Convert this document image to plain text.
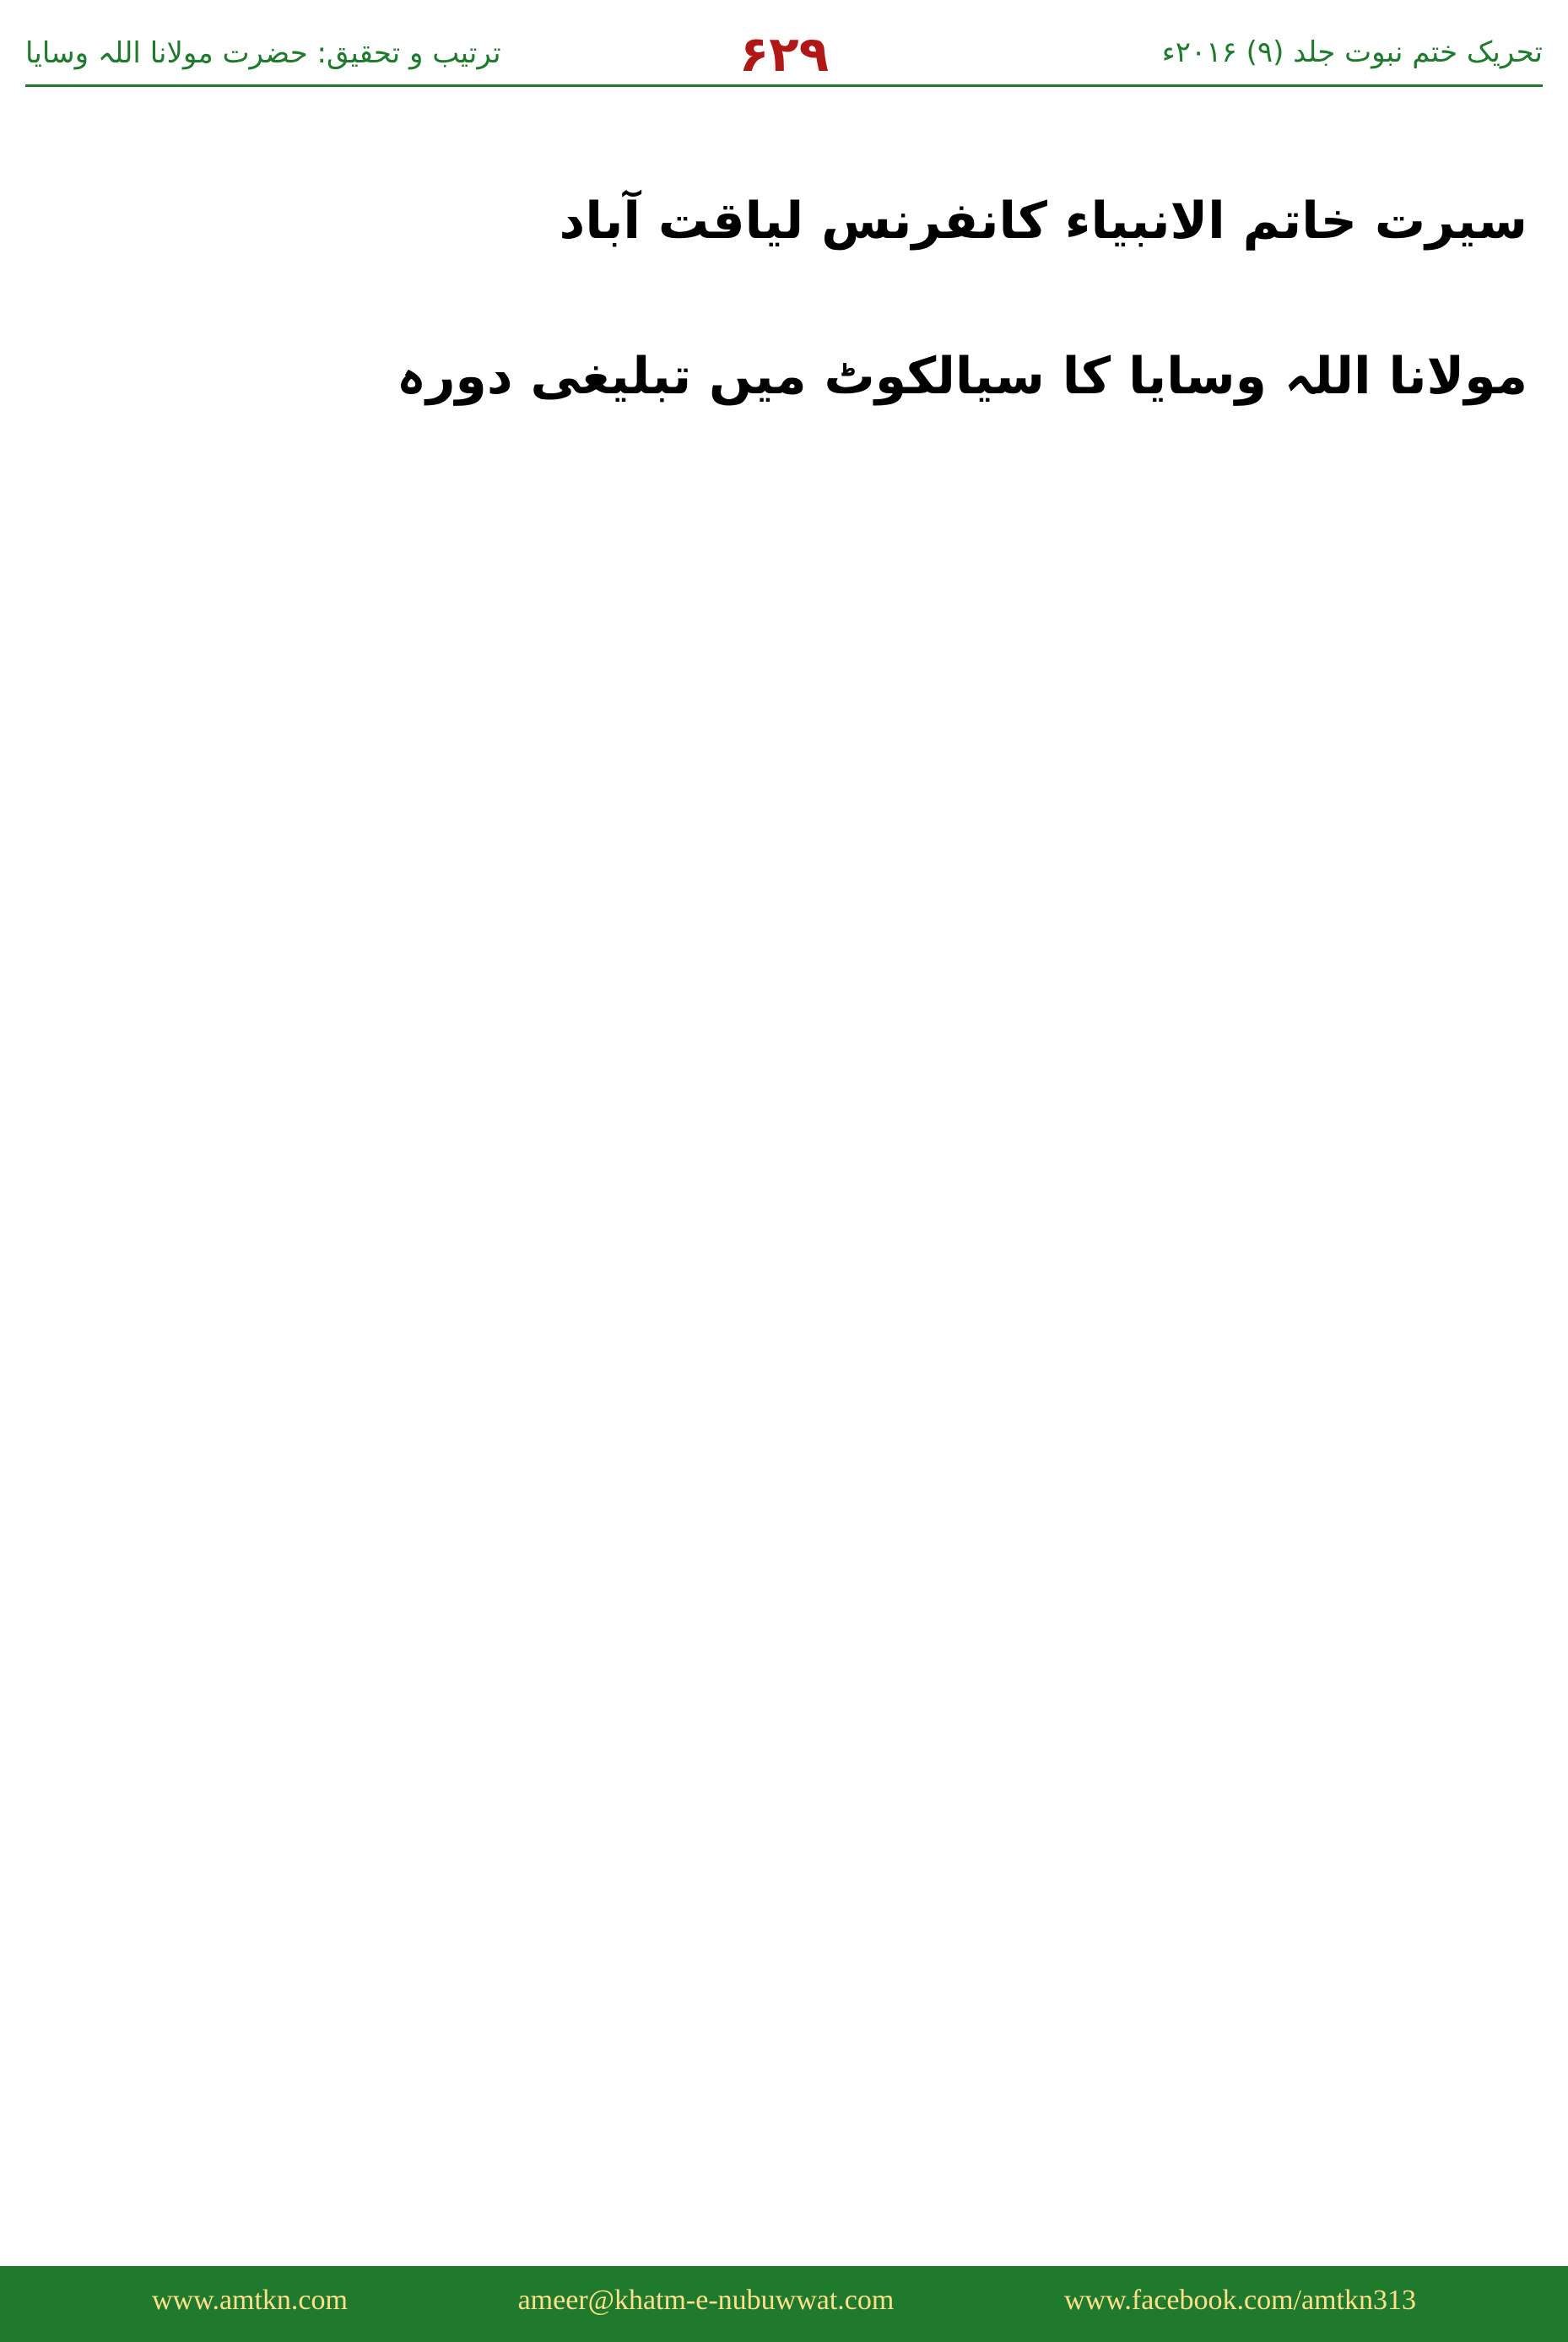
تحریک ختم نبوت جلد (۹) ۲۰۱۶ء
۶۲۹
ترتیب و تحقیق: حضرت مولانا اللہ وسایا

سیرت خاتم الانبیاء کانفرنس لیاقت آباد

مولانا اللہ وسایا کا سیالکوٹ میں تبلیغی دورہ

www.amtkn.com	ameer@khatm-e-nubuwwat.com	www.facebook.com/amtkn313
